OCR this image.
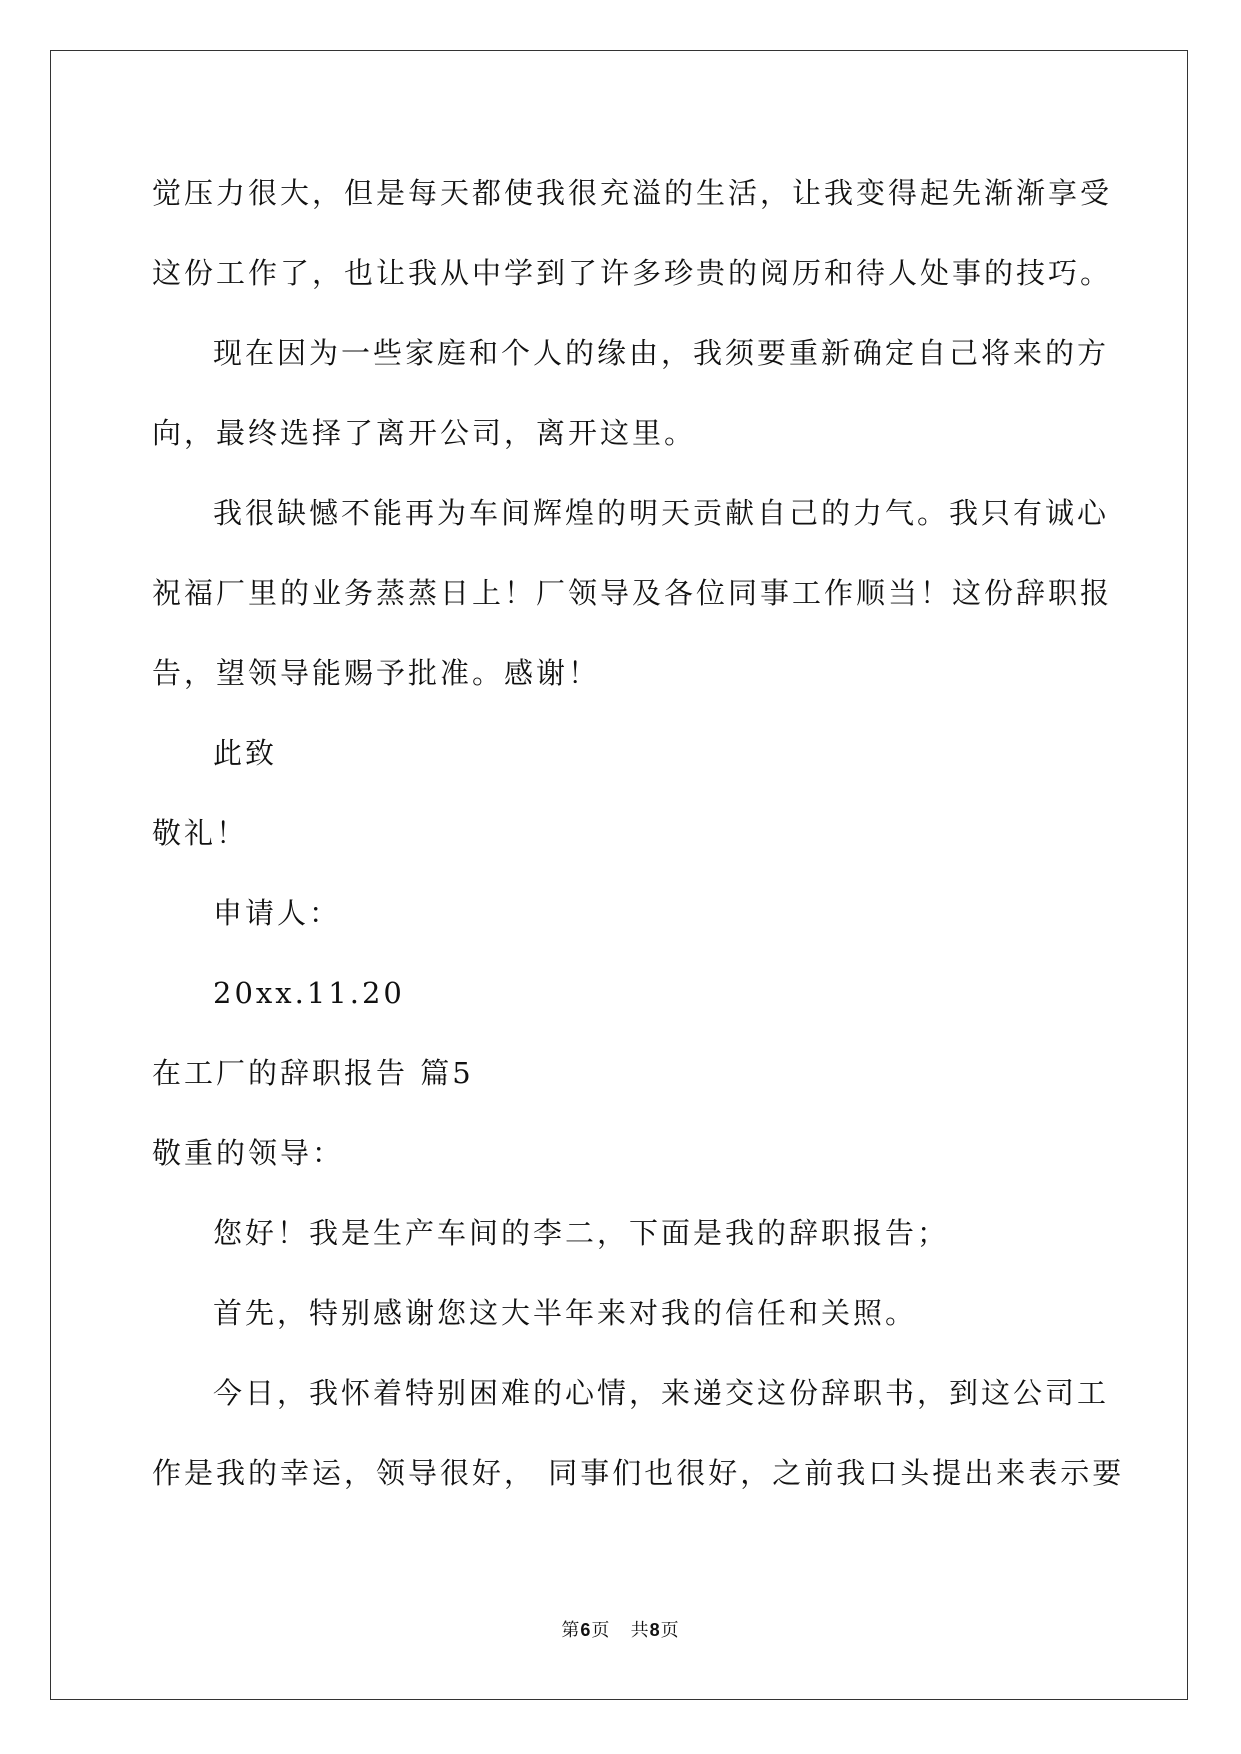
觉压力很大，但是每天都使我很充溢的生活，让我变得起先渐渐享受
这份工作了，也让我从中学到了许多珍贵的阅历和待人处事的技巧。
现在因为一些家庭和个人的缘由，我须要重新确定自己将来的方
向，最终选择了离开公司，离开这里。
我很缺憾不能再为车间辉煌的明天贡献自己的力气。我只有诚心
祝福厂里的业务蒸蒸日上！厂领导及各位同事工作顺当！这份辞职报
告，望领导能赐予批准。感谢！
此致
敬礼！
申请人：
20xx.11.20
在工厂的辞职报告 篇5
敬重的领导：
您好！我是生产车间的李二，下面是我的辞职报告；
首先，特别感谢您这大半年来对我的信任和关照。
今日，我怀着特别困难的心情，来递交这份辞职书，到这公司工
作是我的幸运，领导很好， 同事们也很好，之前我口头提出来表示要
第6页   共8页
